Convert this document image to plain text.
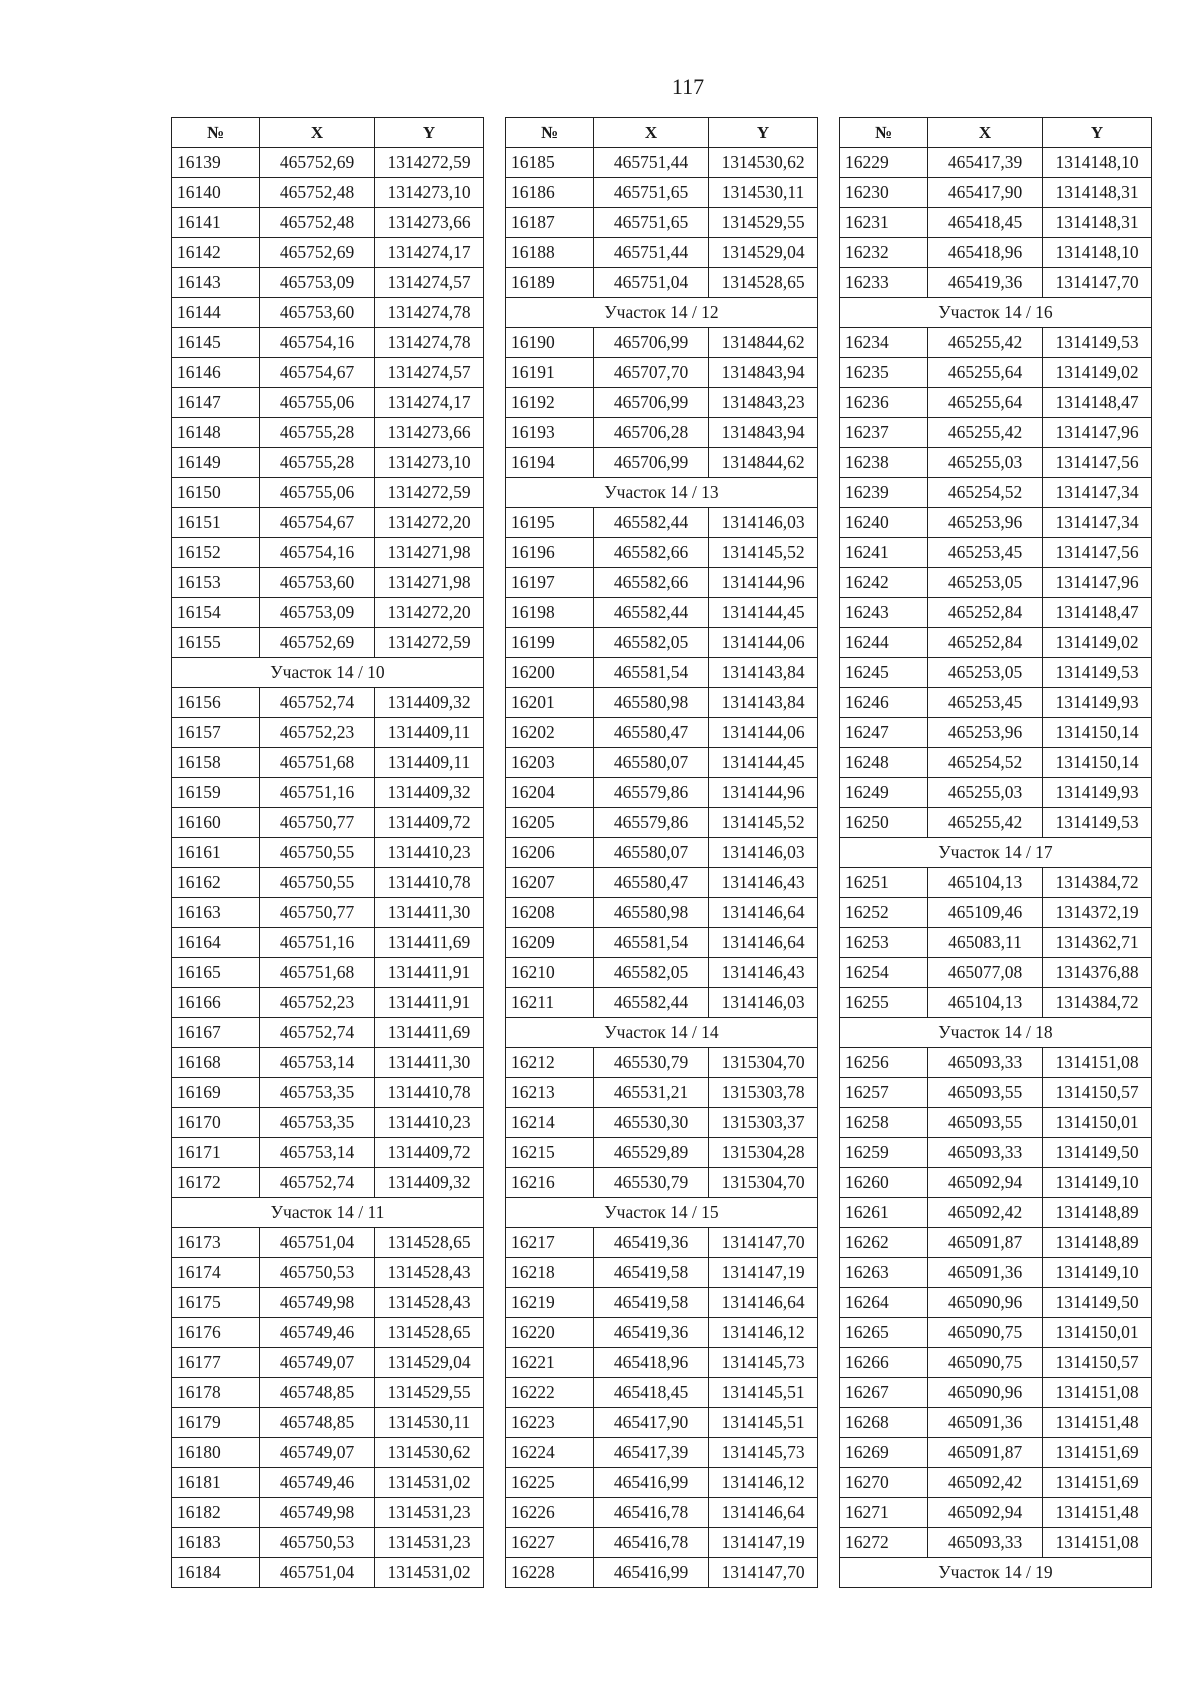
117
№	X	Y
16139	465752,69	1314272,59
16140	465752,48	1314273,10
16141	465752,48	1314273,66
16142	465752,69	1314274,17
16143	465753,09	1314274,57
16144	465753,60	1314274,78
16145	465754,16	1314274,78
16146	465754,67	1314274,57
16147	465755,06	1314274,17
16148	465755,28	1314273,66
16149	465755,28	1314273,10
16150	465755,06	1314272,59
16151	465754,67	1314272,20
16152	465754,16	1314271,98
16153	465753,60	1314271,98
16154	465753,09	1314272,20
16155	465752,69	1314272,59
Участок 14 / 10		
16156	465752,74	1314409,32
16157	465752,23	1314409,11
16158	465751,68	1314409,11
16159	465751,16	1314409,32
16160	465750,77	1314409,72
16161	465750,55	1314410,23
16162	465750,55	1314410,78
16163	465750,77	1314411,30
16164	465751,16	1314411,69
16165	465751,68	1314411,91
16166	465752,23	1314411,91
16167	465752,74	1314411,69
16168	465753,14	1314411,30
16169	465753,35	1314410,78
16170	465753,35	1314410,23
16171	465753,14	1314409,72
16172	465752,74	1314409,32
Участок 14 / 11		
16173	465751,04	1314528,65
16174	465750,53	1314528,43
16175	465749,98	1314528,43
16176	465749,46	1314528,65
16177	465749,07	1314529,04
16178	465748,85	1314529,55
16179	465748,85	1314530,11
16180	465749,07	1314530,62
16181	465749,46	1314531,02
16182	465749,98	1314531,23
16183	465750,53	1314531,23
16184	465751,04	1314531,02
№	X	Y
16185	465751,44	1314530,62
16186	465751,65	1314530,11
16187	465751,65	1314529,55
16188	465751,44	1314529,04
16189	465751,04	1314528,65
Участок 14 / 12		
16190	465706,99	1314844,62
16191	465707,70	1314843,94
16192	465706,99	1314843,23
16193	465706,28	1314843,94
16194	465706,99	1314844,62
Участок 14 / 13		
16195	465582,44	1314146,03
16196	465582,66	1314145,52
16197	465582,66	1314144,96
16198	465582,44	1314144,45
16199	465582,05	1314144,06
16200	465581,54	1314143,84
16201	465580,98	1314143,84
16202	465580,47	1314144,06
16203	465580,07	1314144,45
16204	465579,86	1314144,96
16205	465579,86	1314145,52
16206	465580,07	1314146,03
16207	465580,47	1314146,43
16208	465580,98	1314146,64
16209	465581,54	1314146,64
16210	465582,05	1314146,43
16211	465582,44	1314146,03
Участок 14 / 14		
16212	465530,79	1315304,70
16213	465531,21	1315303,78
16214	465530,30	1315303,37
16215	465529,89	1315304,28
16216	465530,79	1315304,70
Участок 14 / 15		
16217	465419,36	1314147,70
16218	465419,58	1314147,19
16219	465419,58	1314146,64
16220	465419,36	1314146,12
16221	465418,96	1314145,73
16222	465418,45	1314145,51
16223	465417,90	1314145,51
16224	465417,39	1314145,73
16225	465416,99	1314146,12
16226	465416,78	1314146,64
16227	465416,78	1314147,19
16228	465416,99	1314147,70
№	X	Y
16229	465417,39	1314148,10
16230	465417,90	1314148,31
16231	465418,45	1314148,31
16232	465418,96	1314148,10
16233	465419,36	1314147,70
Участок 14 / 16		
16234	465255,42	1314149,53
16235	465255,64	1314149,02
16236	465255,64	1314148,47
16237	465255,42	1314147,96
16238	465255,03	1314147,56
16239	465254,52	1314147,34
16240	465253,96	1314147,34
16241	465253,45	1314147,56
16242	465253,05	1314147,96
16243	465252,84	1314148,47
16244	465252,84	1314149,02
16245	465253,05	1314149,53
16246	465253,45	1314149,93
16247	465253,96	1314150,14
16248	465254,52	1314150,14
16249	465255,03	1314149,93
16250	465255,42	1314149,53
Участок 14 / 17		
16251	465104,13	1314384,72
16252	465109,46	1314372,19
16253	465083,11	1314362,71
16254	465077,08	1314376,88
16255	465104,13	1314384,72
Участок 14 / 18		
16256	465093,33	1314151,08
16257	465093,55	1314150,57
16258	465093,55	1314150,01
16259	465093,33	1314149,50
16260	465092,94	1314149,10
16261	465092,42	1314148,89
16262	465091,87	1314148,89
16263	465091,36	1314149,10
16264	465090,96	1314149,50
16265	465090,75	1314150,01
16266	465090,75	1314150,57
16267	465090,96	1314151,08
16268	465091,36	1314151,48
16269	465091,87	1314151,69
16270	465092,42	1314151,69
16271	465092,94	1314151,48
16272	465093,33	1314151,08
Участок 14 / 19		
